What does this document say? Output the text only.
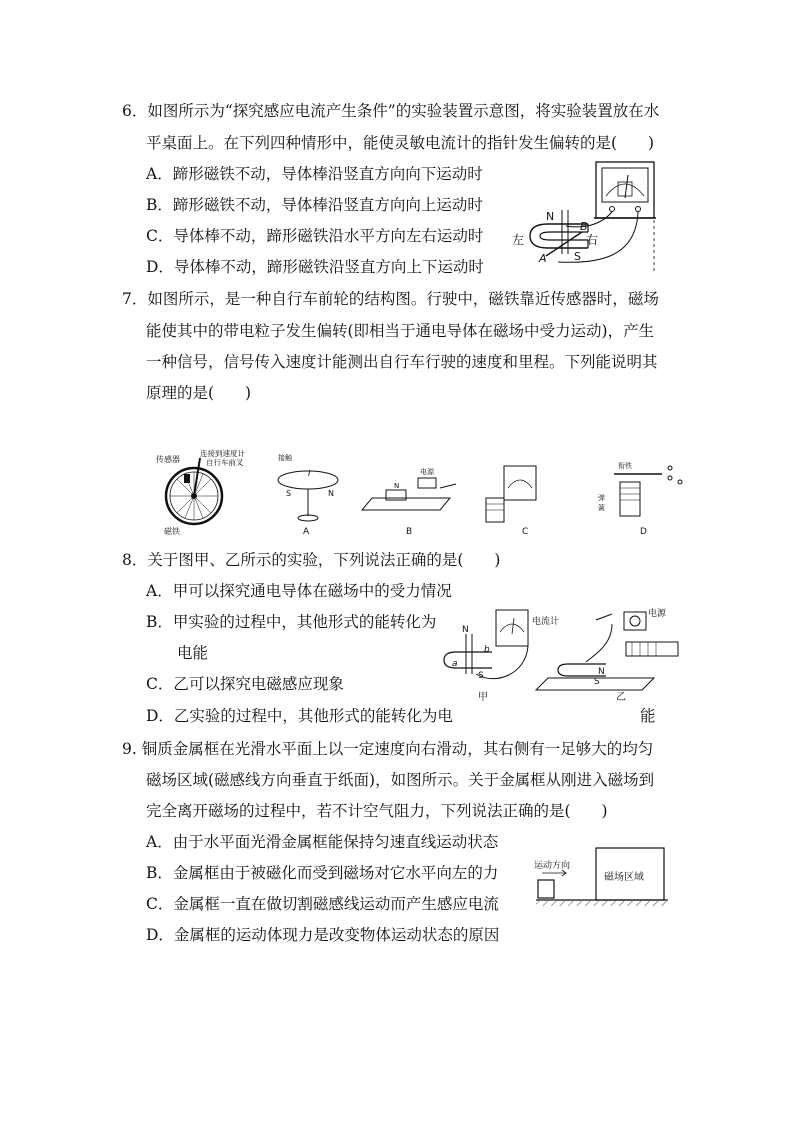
6．如图所示为“探究感应电流产生条件”的实验装置示意图，将实验装置放在水
平桌面上。在下列四种情形中，能使灵敏电流计的指针发生偏转的是(　　)
A．蹄形磁铁不动，导体棒沿竖直方向向下运动时
B．蹄形磁铁不动，导体棒沿竖直方向向上运动时
C．导体棒不动，蹄形磁铁沿水平方向左右运动时
D．导体棒不动，蹄形磁铁沿竖直方向上下运动时
N
S
左	右
A
B
7．如图所示，是一种自行车前轮的结构图。行驶中，磁铁靠近传感器时，磁场
能使其中的带电粒子发生偏转(即相当于通电导体在磁场中受力运动)，产生
一种信号，信号传入速度计能测出自行车行驶的速度和里程。下列能说明其
原理的是(　　)
传感器
连接到速度计
自行车前叉
磁铁
I
S	N
接触
A
电源
N
B	C
衔铁
弹
簧
D
8．关于图甲、乙所示的实验，下列说法正确的是(　　)
A．甲可以探究通电导体在磁场中的受力情况
B．甲实验的过程中，其他形式的能转化为
电能
C．乙可以探究电磁感应现象
D．乙实验的过程中，其他形式的能转化为电	能
N
S
a
b
电流计
甲
电源
N
S
乙
9. 铜质金属框在光滑水平面上以一定速度向右滑动，其右侧有一足够大的均匀
磁场区域(磁感线方向垂直于纸面)，如图所示。关于金属框从刚进入磁场到
完全离开磁场的过程中，若不计空气阻力，下列说法正确的是(　　)
A．由于水平面光滑金属框能保持匀速直线运动状态
B．金属框由于被磁化而受到磁场对它水平向左的力
C．金属框一直在做切割磁感线运动而产生感应电流
D．金属框的运动体现力是改变物体运动状态的原因
运动方向
磁场区域
